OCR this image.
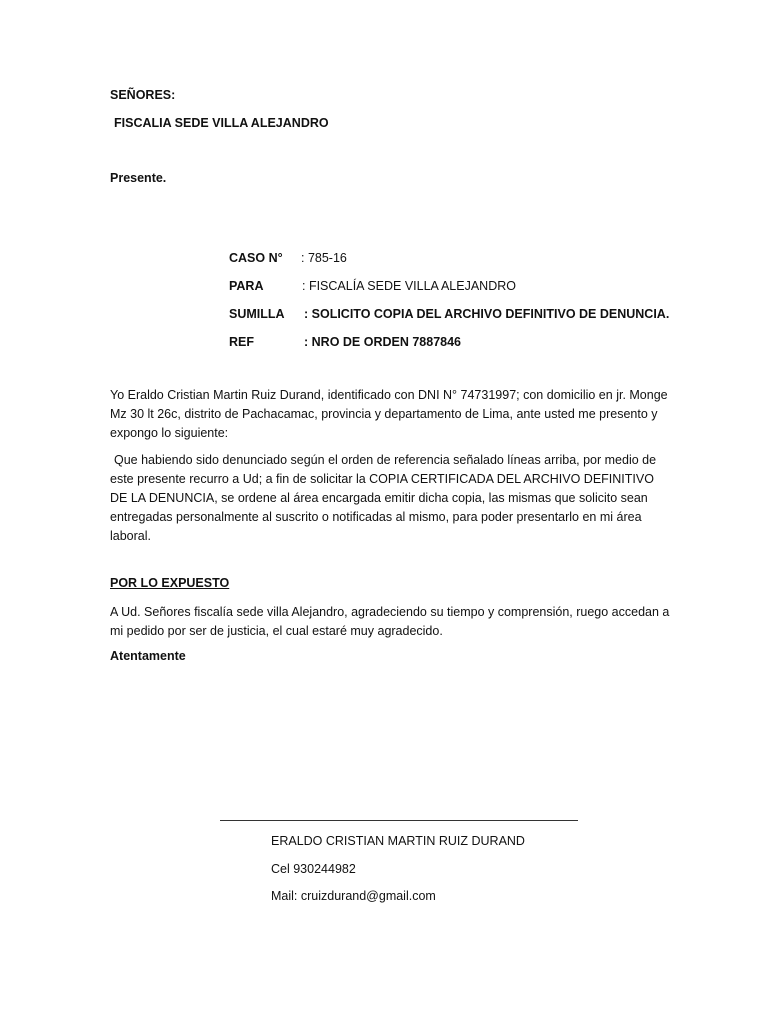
SEÑORES:
FISCALIA SEDE VILLA ALEJANDRO
Presente.
CASO N° : 785-16
PARA	: FISCALÍA SEDE VILLA ALEJANDRO
SUMILLA : SOLICITO COPIA DEL ARCHIVO DEFINITIVO DE DENUNCIA.
REF	: NRO DE ORDEN 7887846
Yo Eraldo Cristian Martin Ruiz Durand, identificado con DNI N° 74731997; con domicilio en jr. Monge Mz 30 lt 26c, distrito de Pachacamac, provincia y departamento de Lima, ante usted me presento y expongo lo siguiente:
Que habiendo sido denunciado según el orden de referencia señalado líneas arriba, por medio de este presente recurro a Ud; a fin de solicitar la COPIA CERTIFICADA DEL ARCHIVO DEFINITIVO DE LA DENUNCIA, se ordene al área encargada emitir dicha copia, las mismas que solicito sean entregadas personalmente al suscrito o notificadas al mismo, para poder presentarlo en mi área laboral.
POR LO EXPUESTO
A Ud. Señores fiscalía sede villa Alejandro, agradeciendo su tiempo y comprensión, ruego accedan a mi pedido por ser de justicia, el cual estaré muy agradecido.
Atentamente
ERALDO CRISTIAN MARTIN RUIZ DURAND
Cel 930244982
Mail: cruizdurand@gmail.com
